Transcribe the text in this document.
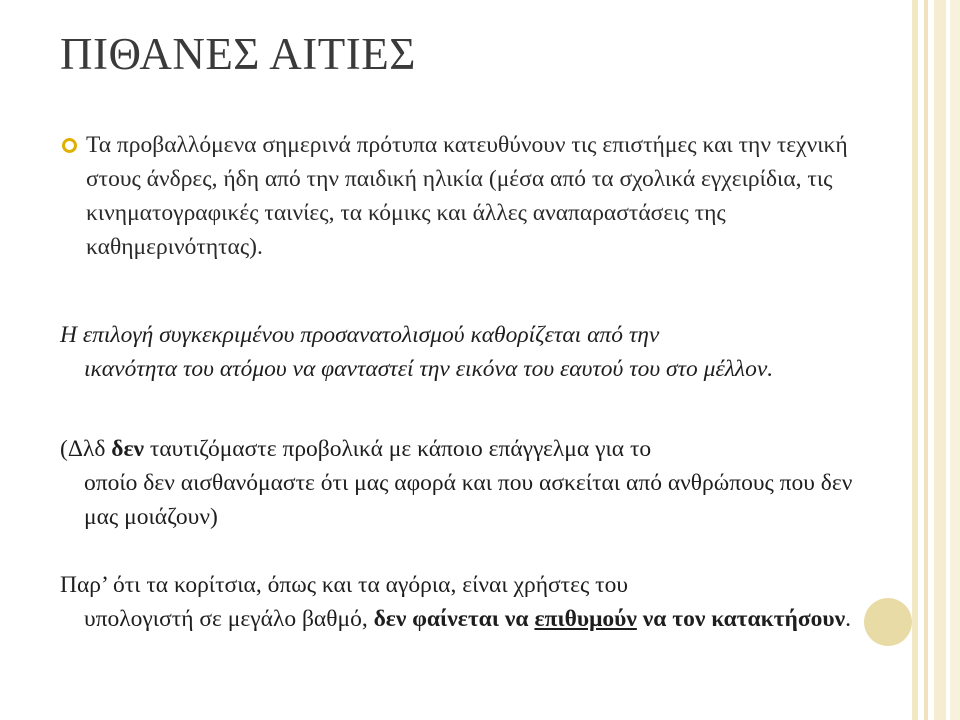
ΠΙΘΑΝΕΣ ΑΙΤΙΕΣ
Τα προβαλλόμενα σημερινά πρότυπα κατευθύνουν τις επιστήμες και την τεχνική στους άνδρες, ήδη από την παιδική ηλικία (μέσα από τα σχολικά εγχειρίδια, τις κινηματογραφικές ταινίες, τα κόμικς και άλλες αναπαραστάσεις της καθημερινότητας).
Η επιλογή συγκεκριμένου προσανατολισμού καθορίζεται από την
ικανότητα του ατόμου να φανταστεί την εικόνα του εαυτού του στο μέλλον.
(Δλδ δεν ταυτιζόμαστε προβολικά με κάποιο επάγγελμα για το
οποίο δεν αισθανόμαστε ότι μας αφορά και που ασκείται από ανθρώπους που δεν μας μοιάζουν)
Παρ’ ότι τα κορίτσια, όπως και τα αγόρια, είναι χρήστες του
υπολογιστή σε μεγάλο βαθμό, δεν φαίνεται να επιθυμούν να τον κατακτήσουν.
